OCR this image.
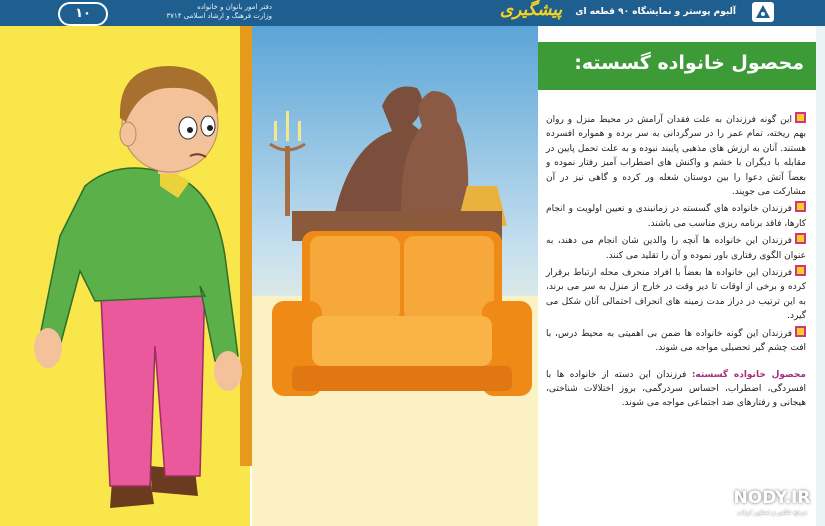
۱۰	دفتر امور بانوان و خانواده
وزارت فرهنگ و ارشاد اسلامی ۳۷۱۴	پیشگیری	آلبوم پوستر و نمایشگاه ۹۰ قطعه ای
محصول خانواده گسسته:
این گونه فرزندان به علت فقدان آرامش در محیط منزل و روان بهم ریخته، تمام عمر را در سرگردانی به سر برده و همواره افسرده هستند. آنان به ارزش های مذهبی پایبند نبوده و به علت تحمل پایین در مقابله با دیگران با خشم و واکنش های اضطراب آمیز رفتار نموده و بعضاً آتش دعوا را بین دوستان شعله ور کرده و گاهی نیز در آن مشارکت می جویند.
فرزندان خانواده های گسسته در زمانبندی و تعیین اولویت و انجام کارها، فاقد برنامه ریزی مناسب می باشند.
فرزندان این خانواده ها آنچه را والدین شان انجام می دهند، به عنوان الگوی رفتاری باور نموده و آن را تقلید می کنند.
فرزندان این خانواده ها بعضاً با افراد منحرف محله ارتباط برقرار کرده و برخی از اوقات تا دیر وقت در خارج از منزل به سر می برند، به این ترتیب در دراز مدت زمینه های انحراف احتمالی آنان شکل می گیرد.
فرزندان این گونه خانواده ها ضمن بی اهمیتی به محیط درس، با افت چشم گیر تحصیلی مواجه می شوند.
محصول خانواده گسسته: فرزندان این دسته از خانواده ها با افسردگی، اضطراب، احساس سردرگمی، بروز اختلالات شناختی، هیجانی و رفتارهای ضد اجتماعی مواجه می شوند.
NODY.IR
مرجع عکس و تصاویر ایرانی
